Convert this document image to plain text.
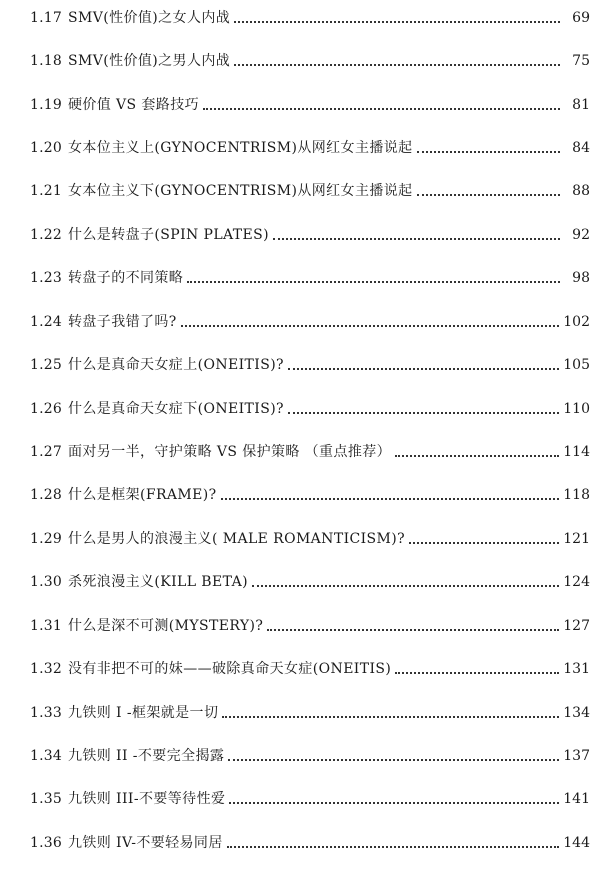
1.17 SMV(性价值)之女人内战	69
1.18 SMV(性价值)之男人内战	75
1.19 硬价值 VS 套路技巧	81
1.20 女本位主义上(GYNOCENTRISM)从网红女主播说起	84
1.21 女本位主义下(GYNOCENTRISM)从网红女主播说起	88
1.22 什么是转盘子(SPIN PLATES)	92
1.23 转盘子的不同策略	98
1.24 转盘子我错了吗?	102
1.25 什么是真命天女症上(ONEITIS)?	105
1.26 什么是真命天女症下(ONEITIS)?	110
1.27 面对另一半，守护策略 VS 保护策略 （重点推荐）	114
1.28 什么是框架(FRAME)?	118
1.29 什么是男人的浪漫主义( MALE ROMANTICISM)?	121
1.30 杀死浪漫主义(KILL BETA)	124
1.31 什么是深不可测(MYSTERY)?	127
1.32 没有非把不可的妹——破除真命天女症(ONEITIS)	131
1.33 九铁则 I -框架就是一切	134
1.34 九铁则 II -不要完全揭露	137
1.35 九铁则 III-不要等待性爱	141
1.36 九铁则 IV-不要轻易同居	144
